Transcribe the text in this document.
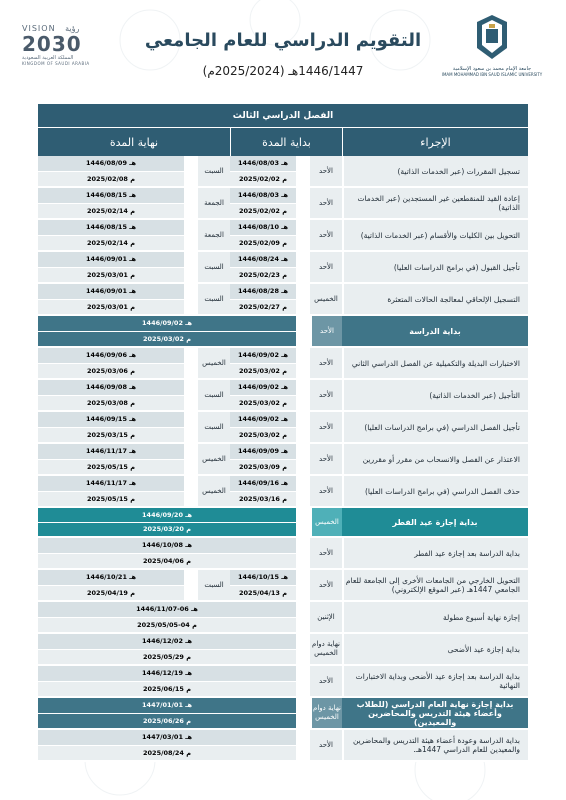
جامعة الإمام محمد بن سعود الإسلامية
IMAM MOHAMMAD IBN SAUD ISLAMIC UNIVERSITY
التقويم الدراسي للعام الجامعي
1446/1447هـ (2025/2024م)
VISION رؤية
2030
المملكة العربية السعودية
KINGDOM OF SAUDI ARABIA
الفصل الدراسي الثالث
الإجراء
بداية المدة
نهاية المدة
تسجيل المقررات (عبر الخدمات الذاتية)
الأحد
1446/08/03 هـ
2025/02/02 م
السبت
1446/08/09 هـ
2025/02/08 م
إعادة القيد للمنقطعين غير المستجدين (عبر الخدمات الذاتية)
الأحد
1446/08/03 هـ
2025/02/02 م
الجمعة
1446/08/15 هـ
2025/02/14 م
التحويل بين الكليات والأقسام (عبر الخدمات الذاتية)
الأحد
1446/08/10 هـ
2025/02/09 م
الجمعة
1446/08/15 هـ
2025/02/14 م
تأجيل القبول (في برامج الدراسات العليا)
الأحد
1446/08/24 هـ
2025/02/23 م
السبت
1446/09/01 هـ
2025/03/01 م
التسجيل الإلحاقي لمعالجة الحالات المتعثرة
الخميس
1446/08/28 هـ
2025/02/27 م
السبت
1446/09/01 هـ
2025/03/01 م
بداية الدراسة
الأحد
1446/09/02 هـ
2025/03/02 م
الاختبارات البديلة والتكميلية عن الفصل الدراسي الثاني
الأحد
1446/09/02 هـ
2025/03/02 م
الخميس
1446/09/06 هـ
2025/03/06 م
التأجيل (عبر الخدمات الذاتية)
الأحد
1446/09/02 هـ
2025/03/02 م
السبت
1446/09/08 هـ
2025/03/08 م
تأجيل الفصل الدراسي (في برامج الدراسات العليا)
الأحد
1446/09/02 هـ
2025/03/02 م
السبت
1446/09/15 هـ
2025/03/15 م
الاعتذار عن الفصل والانسحاب من مقرر أو مقررين
الأحد
1446/09/09 هـ
2025/03/09 م
الخميس
1446/11/17 هـ
2025/05/15 م
حذف الفصل الدراسي (في برامج الدراسات العليا)
الأحد
1446/09/16 هـ
2025/03/16 م
الخميس
1446/11/17 هـ
2025/05/15 م
بداية إجازة عيد الفطر
الخميس
1446/09/20 هـ
2025/03/20 م
بداية الدراسة بعد إجازة عيد الفطر
الأحد
1446/10/08 هـ
2025/04/06 م
التحويل الخارجي من الجامعات الأخرى إلى الجامعة للعام الجامعي 1447هـ (عبر الموقع الإلكتروني)
الأحد
1446/10/15 هـ
2025/04/13 م
السبت
1446/10/21 هـ
2025/04/19 م
إجازة نهاية أسبوع مطولة
الإثنين
1446/11/07-06 هـ
2025/05/05-04 م
بداية إجازة عيد الأضحى
نهاية دوام الخميس
1446/12/02 هـ
2025/05/29 م
بداية الدراسة بعد إجازة عيد الأضحى وبداية الاختبارات النهائية
الأحد
1446/12/19 هـ
2025/06/15 م
بداية إجازة نهاية العام الدراسي (للطلاب وأعضاء هيئة التدريس والمحاضرين والمعيدين)
نهاية دوام الخميس
1447/01/01 هـ
2025/06/26 م
بداية الدراسة وعودة أعضاء هيئة التدريس والمحاضرين والمعيدين للعام الدراسي 1447هـ.
الأحد
1447/03/01 هـ
2025/08/24 م
